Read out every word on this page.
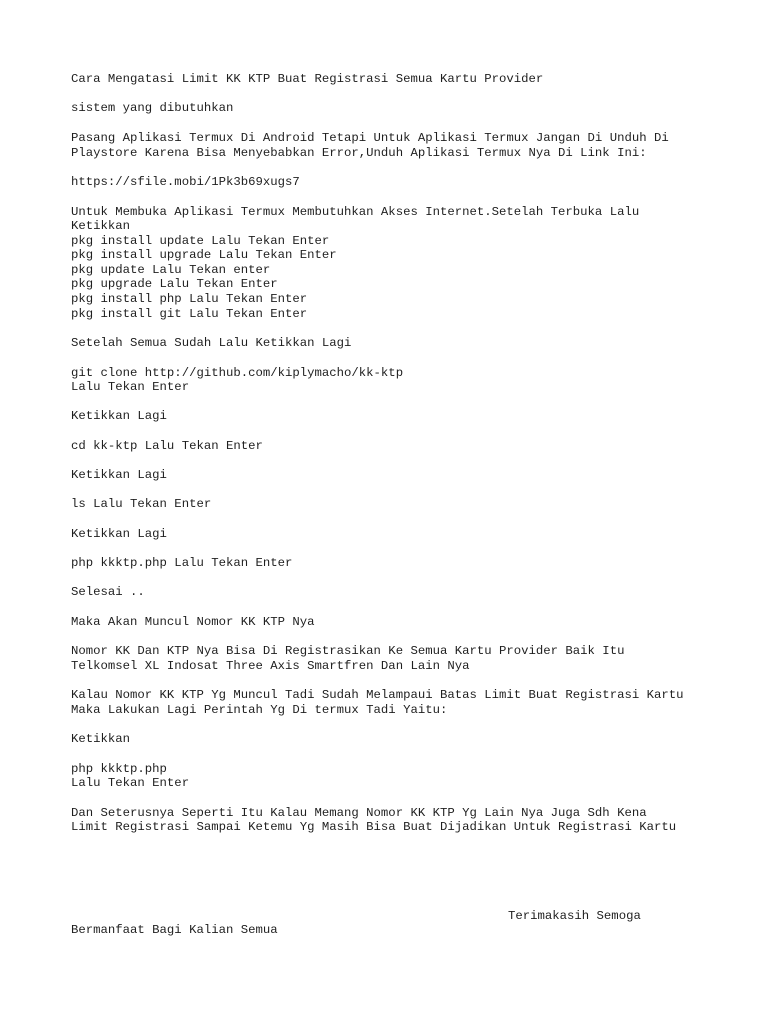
Cara Mengatasi Limit KK KTP Buat Registrasi Semua Kartu Provider
sistem yang dibutuhkan
Pasang Aplikasi Termux Di Android Tetapi Untuk Aplikasi Termux Jangan Di Unduh Di
Playstore Karena Bisa Menyebabkan Error,Unduh Aplikasi Termux Nya Di Link Ini:
https://sfile.mobi/1Pk3b69xugs7
Untuk Membuka Aplikasi Termux Membutuhkan Akses Internet.Setelah Terbuka Lalu
Ketikkan
pkg install update Lalu Tekan Enter
pkg install upgrade Lalu Tekan Enter
pkg update Lalu Tekan enter
pkg upgrade Lalu Tekan Enter
pkg install php Lalu Tekan Enter
pkg install git Lalu Tekan Enter
Setelah Semua Sudah Lalu Ketikkan Lagi
git clone http://github.com/kiplymacho/kk-ktp
Lalu Tekan Enter
Ketikkan Lagi
cd kk-ktp Lalu Tekan Enter
Ketikkan Lagi
ls Lalu Tekan Enter
Ketikkan Lagi
php kkktp.php Lalu Tekan Enter
Selesai ..
Maka Akan Muncul Nomor KK KTP Nya
Nomor KK Dan KTP Nya Bisa Di Registrasikan Ke Semua Kartu Provider Baik Itu
Telkomsel XL Indosat Three Axis Smartfren Dan Lain Nya
Kalau Nomor KK KTP Yg Muncul Tadi Sudah Melampaui Batas Limit Buat Registrasi Kartu
Maka Lakukan Lagi Perintah Yg Di termux Tadi Yaitu:
Ketikkan
php kkktp.php
Lalu Tekan Enter
Dan Seterusnya Seperti Itu Kalau Memang Nomor KK KTP Yg Lain Nya Juga Sdh Kena
Limit Registrasi Sampai Ketemu Yg Masih Bisa Buat Dijadikan Untuk Registrasi Kartu
Terimakasih Semoga
Bermanfaat Bagi Kalian Semua
